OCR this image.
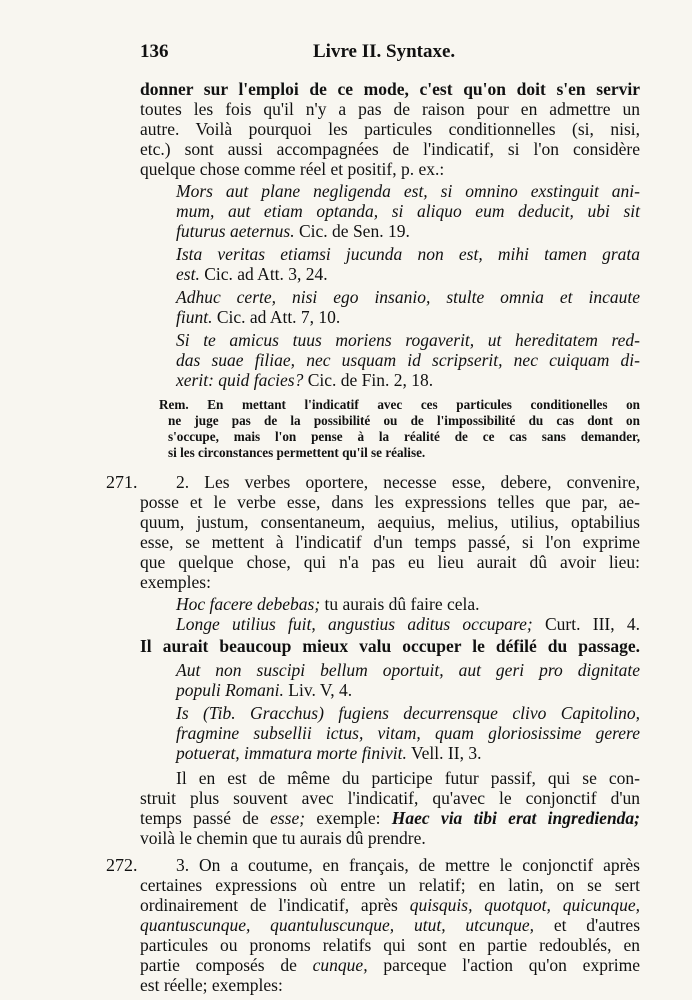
136	Livre II. Syntaxe.
donner sur l'emploi de ce mode, c'est qu'on doit s'en servir
toutes les fois qu'il n'y a pas de raison pour en admettre un
autre. Voilà pourquoi les particules conditionnelles (si, nisi,
etc.) sont aussi accompagnées de l'indicatif, si l'on considère
quelque chose comme réel et positif, p. ex.:
Mors aut plane negligenda est, si omnino exstinguit ani-
mum, aut etiam optanda, si aliquo eum deducit, ubi sit
futurus aeternus. Cic. de Sen. 19.
Ista veritas etiamsi jucunda non est, mihi tamen grata
est. Cic. ad Att. 3, 24.
Adhuc certe, nisi ego insanio, stulte omnia et incaute
fiunt. Cic. ad Att. 7, 10.
Si te amicus tuus moriens rogaverit, ut hereditatem red-
das suae filiae, nec usquam id scripserit, nec cuiquam di-
xerit: quid facies? Cic. de Fin. 2, 18.
Rem. En mettant l'indicatif avec ces particules conditionelles on
ne juge pas de la possibilité ou de l'impossibilité du cas dont on
s'occupe, mais l'on pense à la réalité de ce cas sans demander,
si les circonstances permettent qu'il se réalise.
271. 2. Les verbes oportere, necesse esse, debere, convenire,
posse et le verbe esse, dans les expressions telles que par, ae-
quum, justum, consentaneum, aequius, melius, utilius, optabilius
esse, se mettent à l'indicatif d'un temps passé, si l'on exprime
que quelque chose, qui n'a pas eu lieu aurait dû avoir lieu:
exemples:
Hoc facere debebas; tu aurais dû faire cela.
Longe utilius fuit, angustius aditus occupare; Curt. III, 4.
Il aurait beaucoup mieux valu occuper le défilé du passage.
Aut non suscipi bellum oportuit, aut geri pro dignitate
populi Romani. Liv. V, 4.
Is (Tib. Gracchus) fugiens decurrensque clivo Capitolino,
fragmine subsellii ictus, vitam, quam gloriosissime gerere
potuerat, immatura morte finivit. Vell. II, 3.
Il en est de même du participe futur passif, qui se con-
struit plus souvent avec l'indicatif, qu'avec le conjonctif d'un
temps passé de esse; exemple: Haec via tibi erat ingredienda;
voilà le chemin que tu aurais dû prendre.
272. 3. On a coutume, en français, de mettre le conjonctif après
certaines expressions où entre un relatif; en latin, on se sert
ordinairement de l'indicatif, après quisquis, quotquot, quicunque,
quantuscunque, quantuluscunque, utut, utcunque, et d'autres
particules ou pronoms relatifs qui sont en partie redoublés, en
partie composés de cunque, parceque l'action qu'on exprime
est réelle; exemples:
